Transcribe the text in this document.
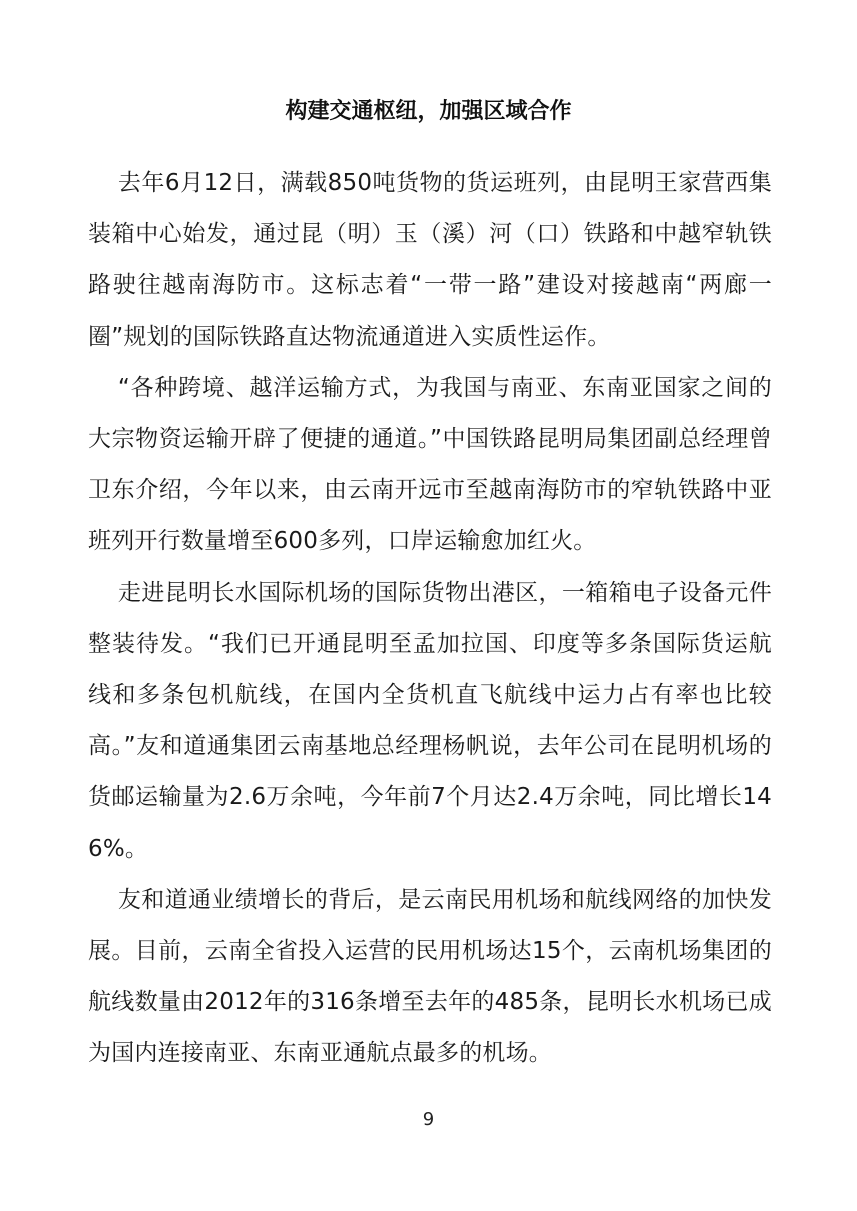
构建交通枢纽，加强区域合作

去年6月12日，满载850吨货物的货运班列，由昆明王家营西集装箱中心始发，通过昆（明）玉（溪）河（口）铁路和中越窄轨铁路驶往越南海防市。这标志着“一带一路”建设对接越南“两廊一圈”规划的国际铁路直达物流通道进入实质性运作。

“各种跨境、越洋运输方式，为我国与南亚、东南亚国家之间的大宗物资运输开辟了便捷的通道。”中国铁路昆明局集团副总经理曾卫东介绍，今年以来，由云南开远市至越南海防市的窄轨铁路中亚班列开行数量增至600多列，口岸运输愈加红火。

走进昆明长水国际机场的国际货物出港区，一箱箱电子设备元件整装待发。“我们已开通昆明至孟加拉国、印度等多条国际货运航线和多条包机航线，在国内全货机直飞航线中运力占有率也比较高。”友和道通集团云南基地总经理杨帆说，去年公司在昆明机场的货邮运输量为2.6万余吨，今年前7个月达2.4万余吨，同比增长146%。

友和道通业绩增长的背后，是云南民用机场和航线网络的加快发展。目前，云南全省投入运营的民用机场达15个，云南机场集团的航线数量由2012年的316条增至去年的485条，昆明长水机场已成为国内连接南亚、东南亚通航点最多的机场。

9
